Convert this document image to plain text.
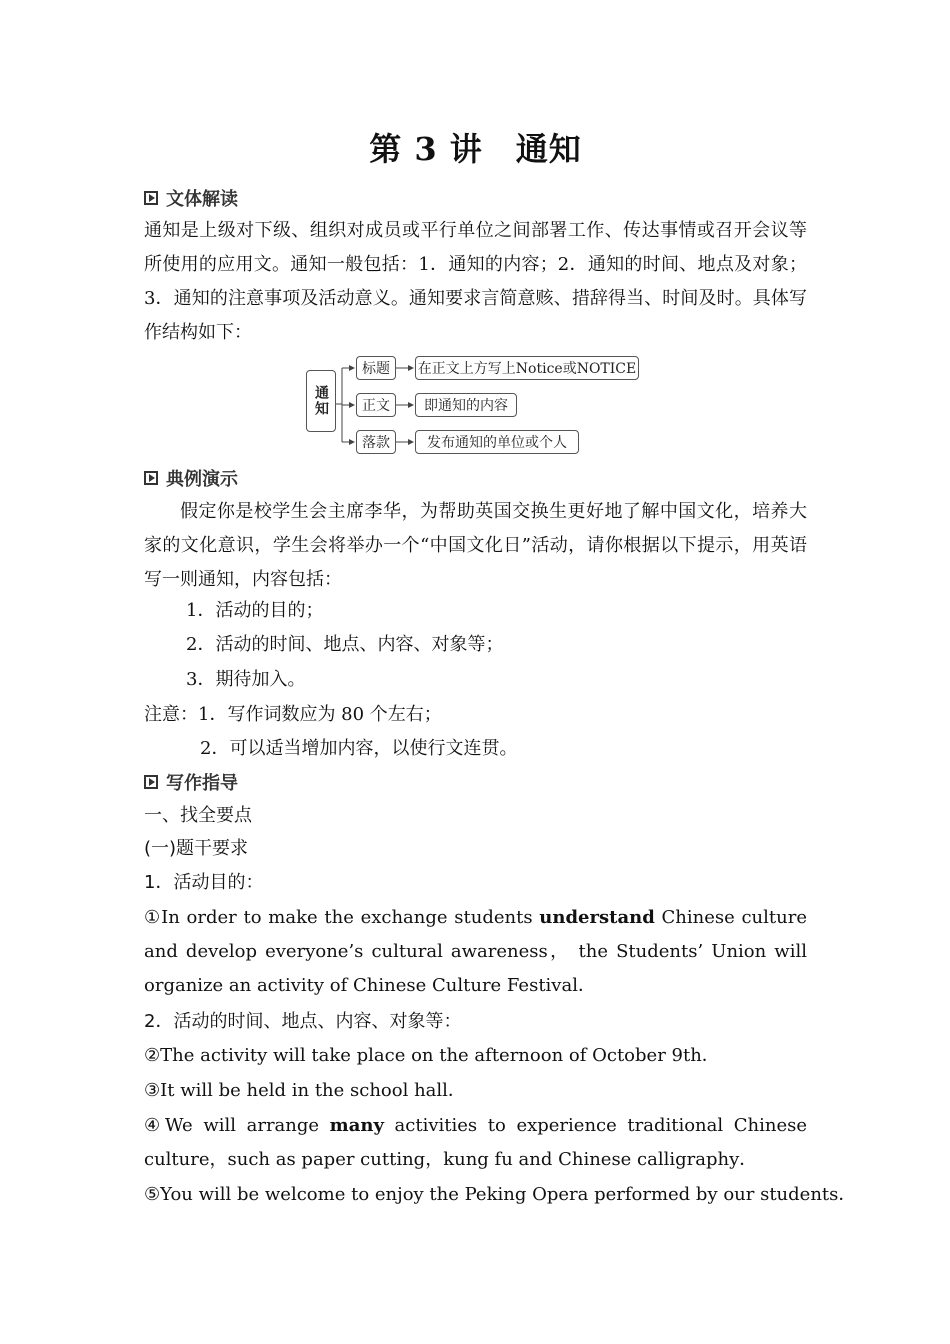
第 3 讲　通知
文体解读
通知是上级对下级、组织对成员或平行单位之间部署工作、传达事情或召开会议等所使用的应用文。通知一般包括：1．通知的内容；2．通知的时间、地点及对象；3．通知的注意事项及活动意义。通知要求言简意赅、措辞得当、时间及时。具体写作结构如下：
通知
标题
正文
落款
在正文上方写上Notice或NOTICE
即通知的内容
发布通知的单位或个人
典例演示
假定你是校学生会主席李华，为帮助英国交换生更好地了解中国文化，培养大家的文化意识，学生会将举办一个“中国文化日”活动，请你根据以下提示，用英语写一则通知，内容包括：
1．活动的目的；
2．活动的时间、地点、内容、对象等；
3．期待加入。
注意：1．写作词数应为 80 个左右；
2．可以适当增加内容，以使行文连贯。
写作指导
一、找全要点
(一)题干要求
1．活动目的：
①In order to make the exchange students understand Chinese culture and develop everyone’s cultural awareness， the Students’ Union will organize an activity of Chinese Culture Festival．
2．活动的时间、地点、内容、对象等：
②The activity will take place on the afternoon of October 9th．
③It will be held in the school hall．
④We will arrange many activities to experience traditional Chinese culture，such as paper cutting，kung fu and Chinese calligraphy．
⑤You will be welcome to enjoy the Peking Opera performed by our students．
